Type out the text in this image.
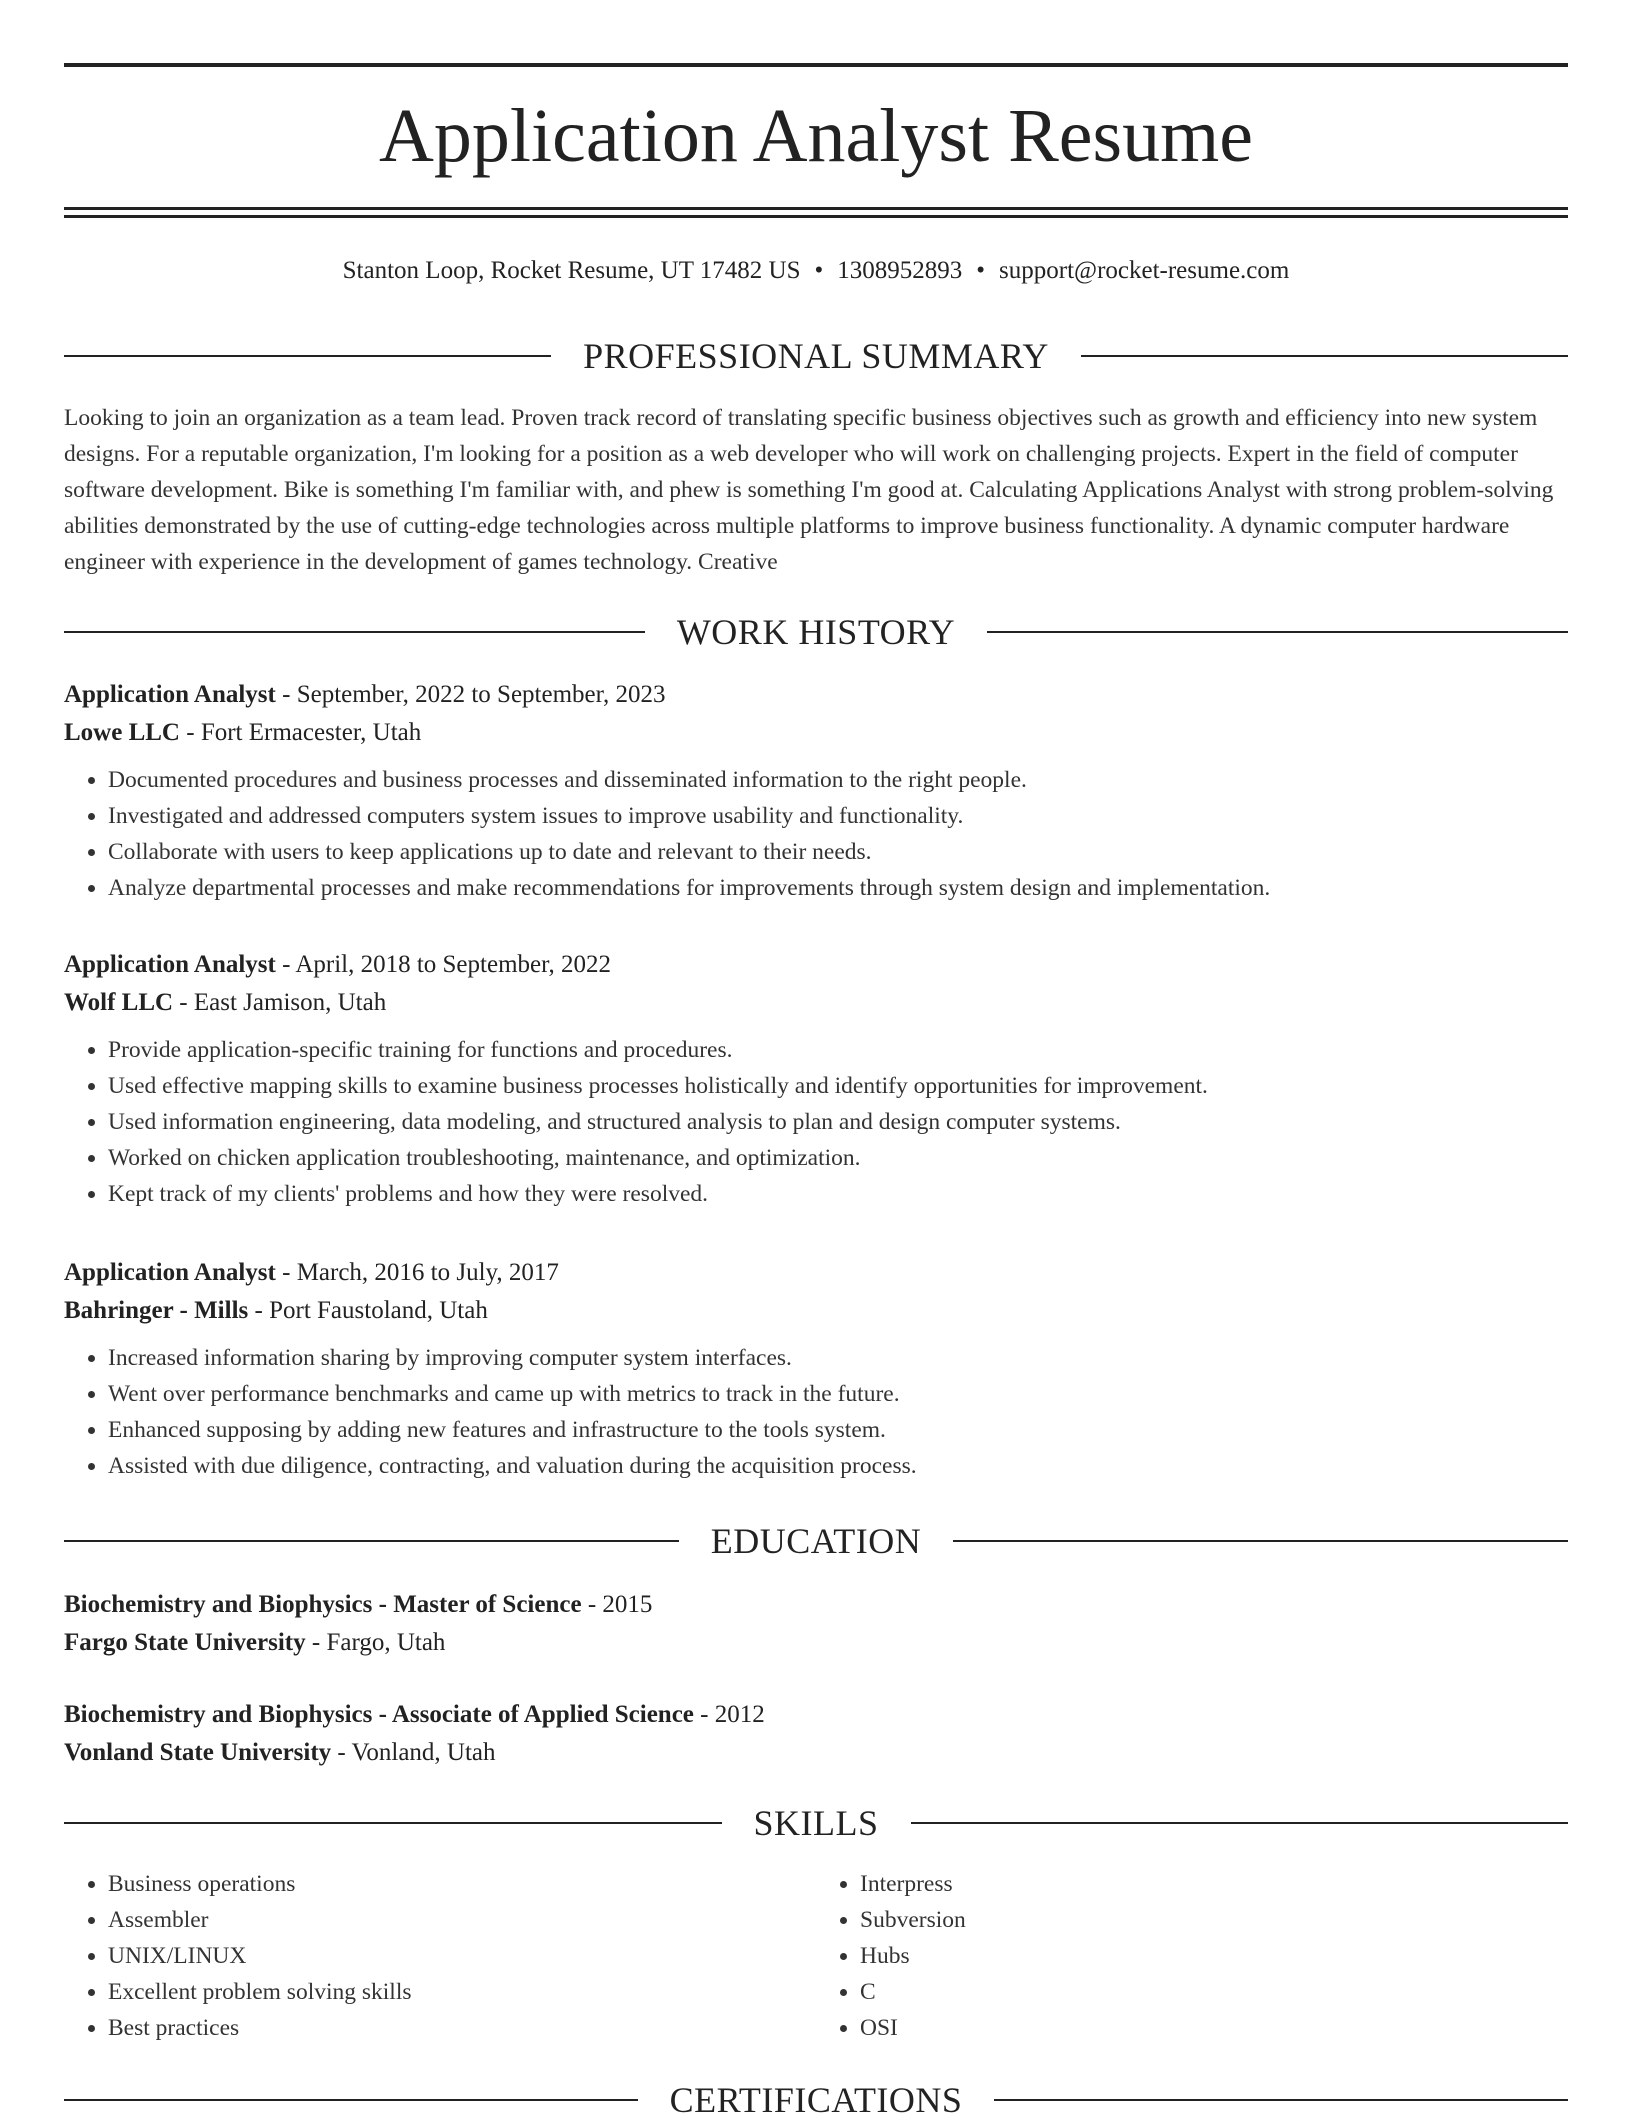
Application Analyst Resume
Stanton Loop, Rocket Resume, UT 17482 US • 1308952893 • support@rocket-resume.com
PROFESSIONAL SUMMARY

Looking to join an organization as a team lead. Proven track record of translating specific business objectives such as growth and efficiency into new system designs. For a reputable organization, I'm looking for a position as a web developer who will work on challenging projects. Expert in the field of computer software development. Bike is something I'm familiar with, and phew is something I'm good at. Calculating Applications Analyst with strong problem-solving abilities demonstrated by the use of cutting-edge technologies across multiple platforms to improve business functionality. A dynamic computer hardware engineer with experience in the development of games technology. Creative

WORK HISTORY
Application Analyst - September, 2022 to September, 2023
Lowe LLC - Fort Ermacester, Utah
• Documented procedures and business processes and disseminated information to the right people.
• Investigated and addressed computers system issues to improve usability and functionality.
• Collaborate with users to keep applications up to date and relevant to their needs.
• Analyze departmental processes and make recommendations for improvements through system design and implementation.
Application Analyst - April, 2018 to September, 2022
Wolf LLC - East Jamison, Utah
• Provide application-specific training for functions and procedures.
• Used effective mapping skills to examine business processes holistically and identify opportunities for improvement.
• Used information engineering, data modeling, and structured analysis to plan and design computer systems.
• Worked on chicken application troubleshooting, maintenance, and optimization.
• Kept track of my clients' problems and how they were resolved.
Application Analyst - March, 2016 to July, 2017
Bahringer - Mills - Port Faustoland, Utah
• Increased information sharing by improving computer system interfaces.
• Went over performance benchmarks and came up with metrics to track in the future.
• Enhanced supposing by adding new features and infrastructure to the tools system.
• Assisted with due diligence, contracting, and valuation during the acquisition process.
EDUCATION
Biochemistry and Biophysics - Master of Science - 2015
Fargo State University - Fargo, Utah
Biochemistry and Biophysics - Associate of Applied Science - 2012
Vonland State University - Vonland, Utah
SKILLS
• Business operations
• Assembler
• UNIX/LINUX
• Excellent problem solving skills
• Best practices
• Interpress
• Subversion
• Hubs
• C
• OSI
CERTIFICATIONS
